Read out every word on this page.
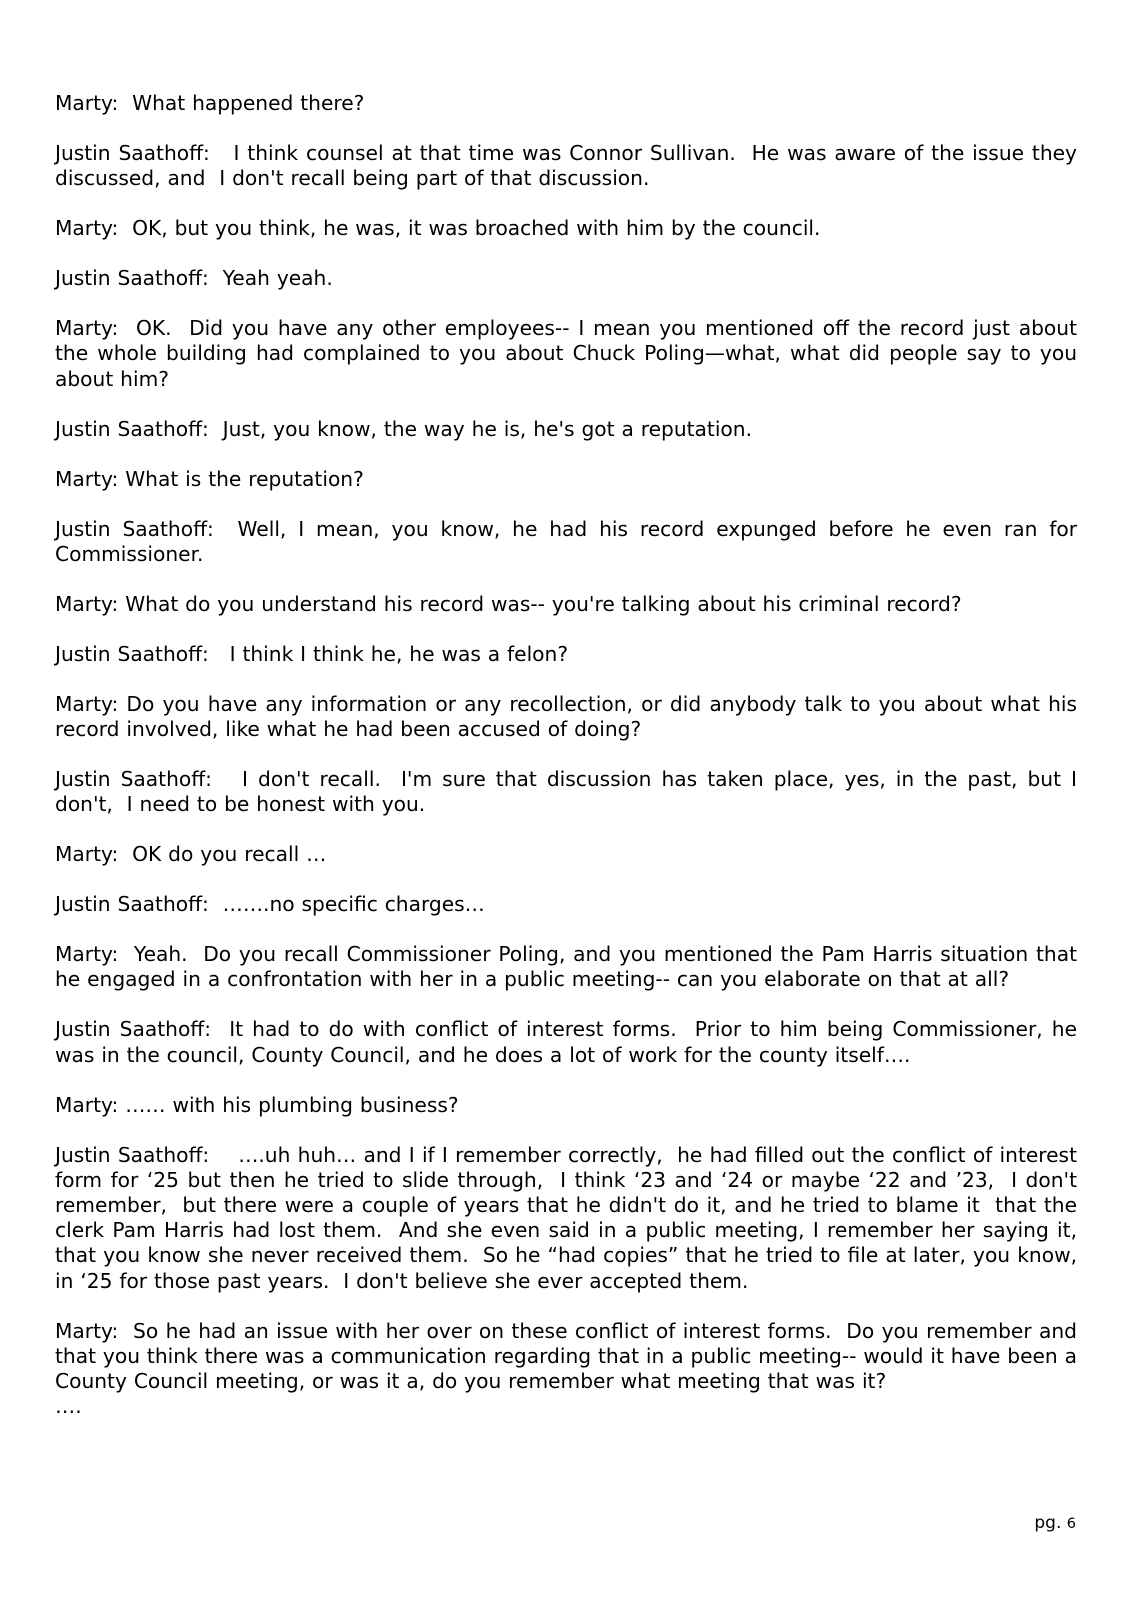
Marty:  What happened there?

Justin Saathoff:   I think counsel at that time was Connor Sullivan.  He was aware of the issue they discussed, and  I don't recall being part of that discussion.

Marty:  OK, but you think, he was, it was broached with him by the council.

Justin Saathoff:  Yeah yeah.

Marty:  OK.  Did you have any other employees-- I mean you mentioned off the record just about the whole building had complained to you about Chuck Poling—what, what did people say to you about him?

Justin Saathoff:  Just, you know, the way he is, he's got a reputation.

Marty: What is the reputation?

Justin Saathoff:  Well, I mean, you know, he had his record expunged before he even ran for Commissioner.

Marty: What do you understand his record was-- you're talking about his criminal record?

Justin Saathoff:   I think I think he, he was a felon?

Marty: Do you have any information or any recollection, or did anybody talk to you about what his record involved, like what he had been accused of doing?

Justin Saathoff:   I don't recall.  I'm sure that discussion has taken place, yes, in the past, but I don't,  I need to be honest with you.

Marty:  OK do you recall …

Justin Saathoff:  …….no specific charges…

Marty:  Yeah.  Do you recall Commissioner Poling, and you mentioned the Pam Harris situation that he engaged in a confrontation with her in a public meeting-- can you elaborate on that at all?

Justin Saathoff:  It had to do with conflict of interest forms.  Prior to him being Commissioner, he was in the council, County Council, and he does a lot of work for the county itself….

Marty: …… with his plumbing business?

Justin Saathoff:    ….uh huh… and I if I remember correctly,  he had filled out the conflict of interest form for ‘25 but then he tried to slide through,  I think ‘23 and ‘24 or maybe ‘22 and ’23,  I don't remember,  but there were a couple of years that he didn't do it, and he tried to blame it  that the clerk Pam Harris had lost them.  And she even said in a public meeting, I remember her saying it, that you know she never received them.  So he “had copies” that he tried to file at later, you know, in ‘25 for those past years.  I don't believe she ever accepted them.

Marty:  So he had an issue with her over on these conflict of interest forms.  Do you remember and that you think there was a communication regarding that in a public meeting-- would it have been a County Council meeting, or was it a, do you remember what meeting that was it?
….

pg. 6
